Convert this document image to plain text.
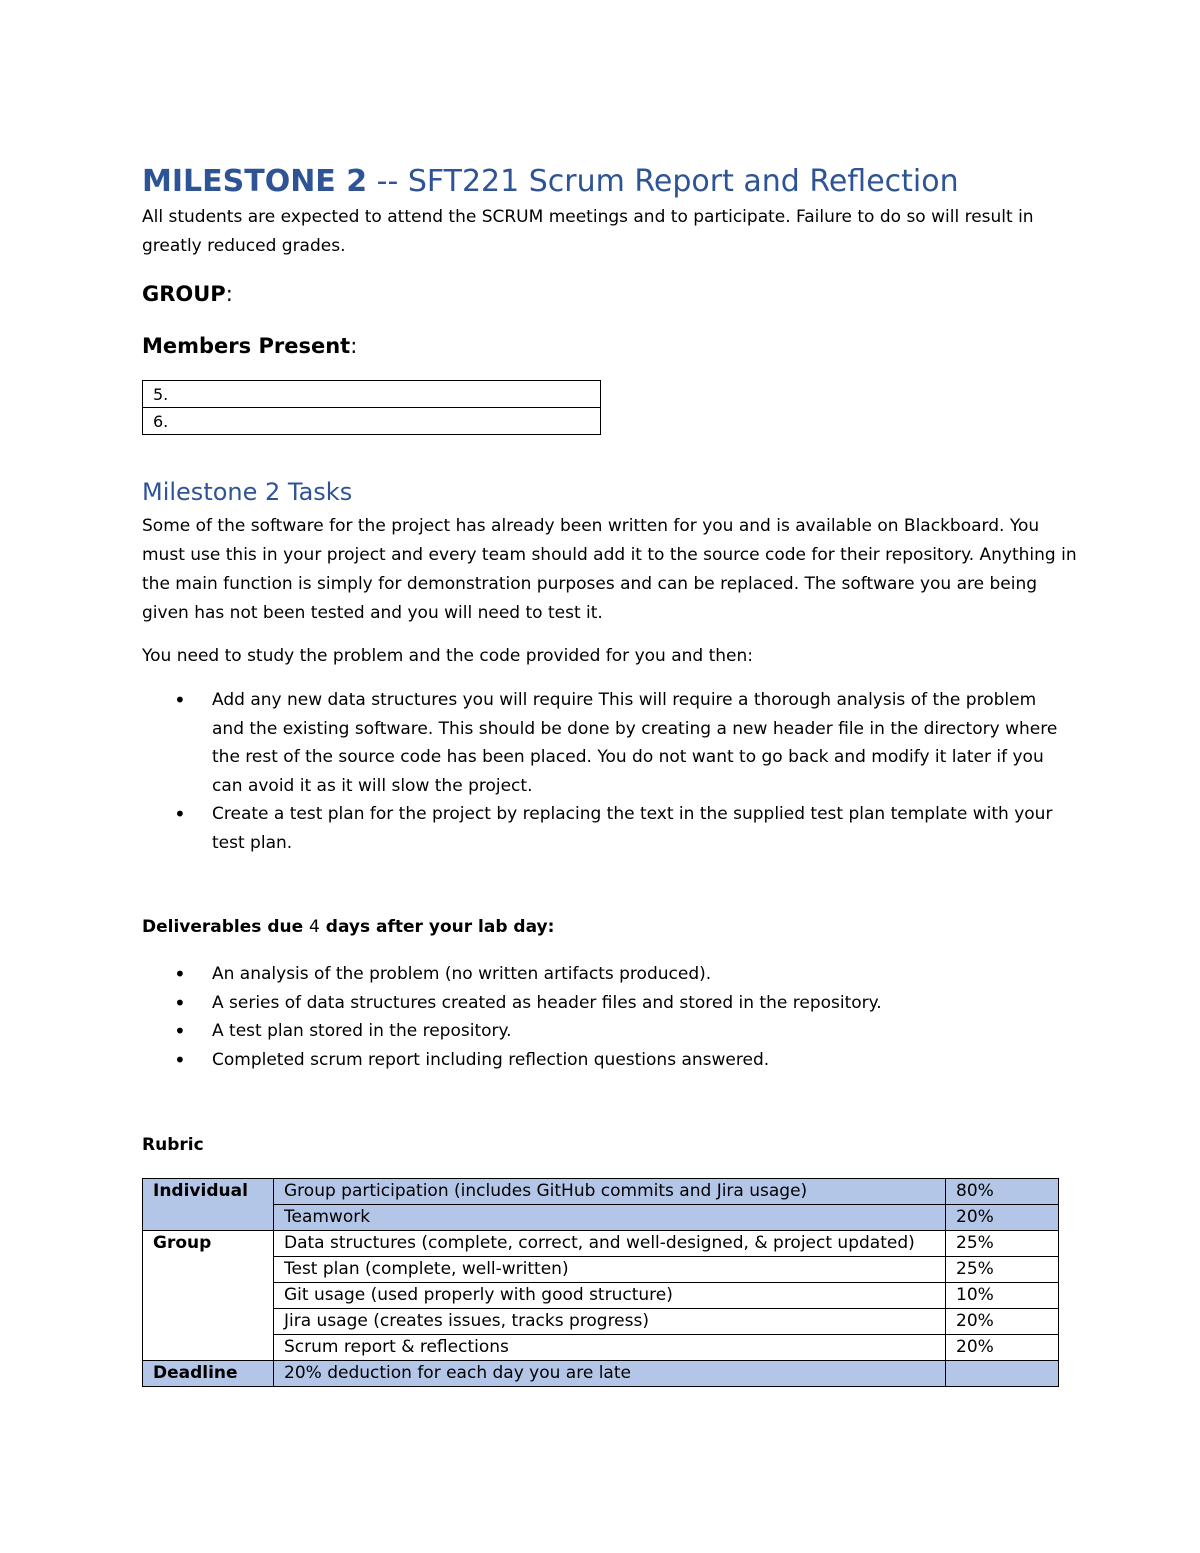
MILESTONE 2 -- SFT221 Scrum Report and Reflection
All students are expected to attend the SCRUM meetings and to participate. Failure to do so will result in greatly reduced grades.
GROUP:
Members Present:
5.
6.
Milestone 2 Tasks
Some of the software for the project has already been written for you and is available on Blackboard. You must use this in your project and every team should add it to the source code for their repository. Anything in the main function is simply for demonstration purposes and can be replaced. The software you are being given has not been tested and you will need to test it.
You need to study the problem and the code provided for you and then:
• Add any new data structures you will require This will require a thorough analysis of the problem and the existing software. This should be done by creating a new header file in the directory where the rest of the source code has been placed. You do not want to go back and modify it later if you can avoid it as it will slow the project.
• Create a test plan for the project by replacing the text in the supplied test plan template with your test plan.
Deliverables due 4 days after your lab day:
• An analysis of the problem (no written artifacts produced).
• A series of data structures created as header files and stored in the repository.
• A test plan stored in the repository.
• Completed scrum report including reflection questions answered.
Rubric
Individual	Group participation (includes GitHub commits and Jira usage)	80%
	Teamwork	20%
Group	Data structures (complete, correct, and well-designed, & project updated)	25%
	Test plan (complete, well-written)	25%
	Git usage (used properly with good structure)	10%
	Jira usage (creates issues, tracks progress)	20%
	Scrum report & reflections	20%
Deadline	20% deduction for each day you are late	
